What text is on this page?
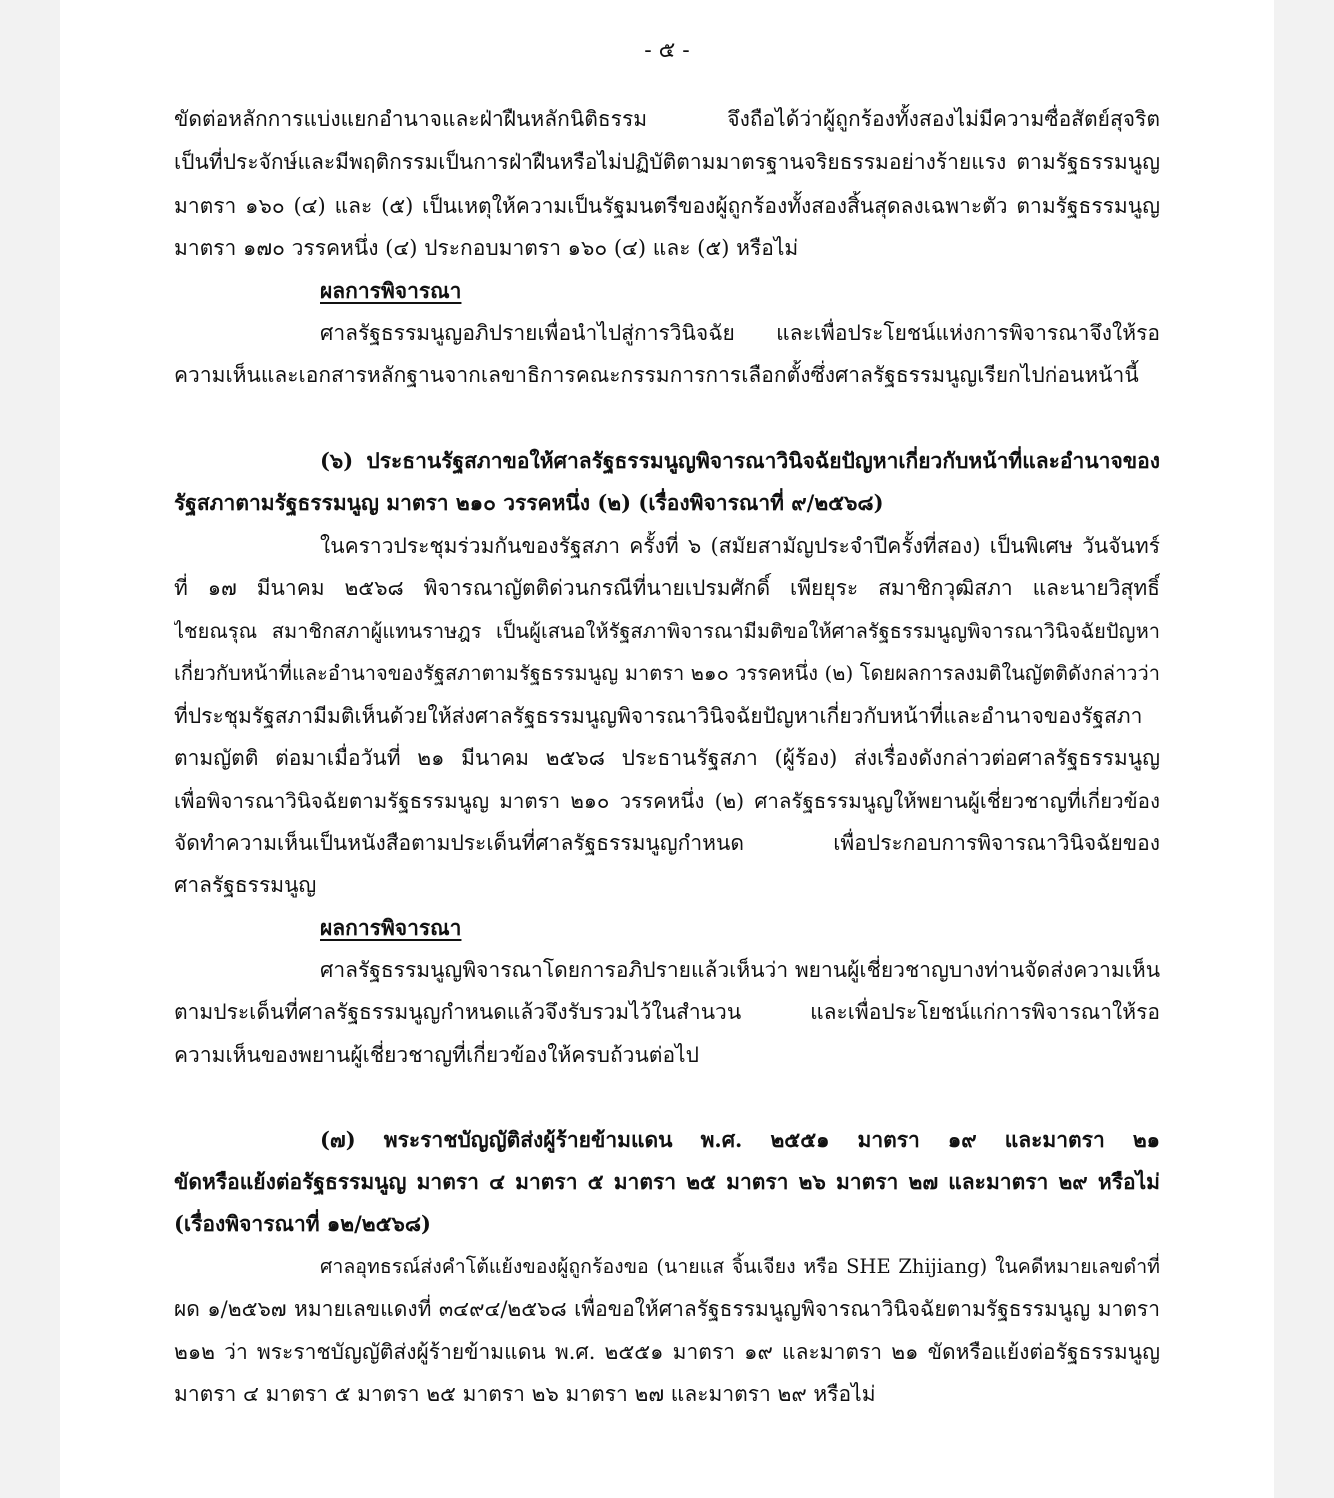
- ๕ -
ขัดต่อหลักการแบ่งแยกอำนาจและฝ่าฝืนหลักนิติธรรม จึงถือได้ว่าผู้ถูกร้องทั้งสองไม่มีความซื่อสัตย์สุจริต
เป็นที่ประจักษ์และมีพฤติกรรมเป็นการฝ่าฝืนหรือไม่ปฏิบัติตามมาตรฐานจริยธรรมอย่างร้ายแรง ตามรัฐธรรมนูญ
มาตรา ๑๖๐ (๔) และ (๕) เป็นเหตุให้ความเป็นรัฐมนตรีของผู้ถูกร้องทั้งสองสิ้นสุดลงเฉพาะตัว ตามรัฐธรรมนูญ
มาตรา ๑๗๐ วรรคหนึ่ง (๔) ประกอบมาตรา ๑๖๐ (๔) และ (๕) หรือไม่
ผลการพิจารณา
ศาลรัฐธรรมนูญอภิปรายเพื่อนำไปสู่การวินิจฉัย และเพื่อประโยชน์แห่งการพิจารณาจึงให้รอ
ความเห็นและเอกสารหลักฐานจากเลขาธิการคณะกรรมการการเลือกตั้งซึ่งศาลรัฐธรรมนูญเรียกไปก่อนหน้านี้
(๖) ประธานรัฐสภาขอให้ศาลรัฐธรรมนูญพิจารณาวินิจฉัยปัญหาเกี่ยวกับหน้าที่และอำนาจของ
รัฐสภาตามรัฐธรรมนูญ มาตรา ๒๑๐ วรรคหนึ่ง (๒) (เรื่องพิจารณาที่ ๙/๒๕๖๘)
ในคราวประชุมร่วมกันของรัฐสภา ครั้งที่ ๖ (สมัยสามัญประจำปีครั้งที่สอง) เป็นพิเศษ วันจันทร์
ที่ ๑๗ มีนาคม ๒๕๖๘ พิจารณาญัตติด่วนกรณีที่นายเปรมศักดิ์ เพียยุระ สมาชิกวุฒิสภา และนายวิสุทธิ์
ไชยณรุณ สมาชิกสภาผู้แทนราษฎร เป็นผู้เสนอให้รัฐสภาพิจารณามีมติขอให้ศาลรัฐธรรมนูญพิจารณาวินิจฉัยปัญหา
เกี่ยวกับหน้าที่และอำนาจของรัฐสภาตามรัฐธรรมนูญ มาตรา ๒๑๐ วรรคหนึ่ง (๒) โดยผลการลงมติในญัตติดังกล่าวว่า
ที่ประชุมรัฐสภามีมติเห็นด้วยให้ส่งศาลรัฐธรรมนูญพิจารณาวินิจฉัยปัญหาเกี่ยวกับหน้าที่และอำนาจของรัฐสภา
ตามญัตติ ต่อมาเมื่อวันที่ ๒๑ มีนาคม ๒๕๖๘ ประธานรัฐสภา (ผู้ร้อง) ส่งเรื่องดังกล่าวต่อศาลรัฐธรรมนูญ
เพื่อพิจารณาวินิจฉัยตามรัฐธรรมนูญ มาตรา ๒๑๐ วรรคหนึ่ง (๒) ศาลรัฐธรรมนูญให้พยานผู้เชี่ยวชาญที่เกี่ยวข้อง
จัดทำความเห็นเป็นหนังสือตามประเด็นที่ศาลรัฐธรรมนูญกำหนด เพื่อประกอบการพิจารณาวินิจฉัยของ
ศาลรัฐธรรมนูญ
ผลการพิจารณา
ศาลรัฐธรรมนูญพิจารณาโดยการอภิปรายแล้วเห็นว่า พยานผู้เชี่ยวชาญบางท่านจัดส่งความเห็น
ตามประเด็นที่ศาลรัฐธรรมนูญกำหนดแล้วจึงรับรวมไว้ในสำนวน และเพื่อประโยชน์แก่การพิจารณาให้รอ
ความเห็นของพยานผู้เชี่ยวชาญที่เกี่ยวข้องให้ครบถ้วนต่อไป
(๗) พระราชบัญญัติส่งผู้ร้ายข้ามแดน พ.ศ. ๒๕๕๑ มาตรา ๑๙ และมาตรา ๒๑
ขัดหรือแย้งต่อรัฐธรรมนูญ มาตรา ๔ มาตรา ๕ มาตรา ๒๕ มาตรา ๒๖ มาตรา ๒๗ และมาตรา ๒๙ หรือไม่
(เรื่องพิจารณาที่ ๑๒/๒๕๖๘)
ศาลอุทธรณ์ส่งคำโต้แย้งของผู้ถูกร้องขอ (นายแส จิ้นเจียง หรือ SHE Zhijiang) ในคดีหมายเลขดำที่
ผด ๑/๒๕๖๗ หมายเลขแดงที่ ๓๔๙๔/๒๕๖๘ เพื่อขอให้ศาลรัฐธรรมนูญพิจารณาวินิจฉัยตามรัฐธรรมนูญ มาตรา
๒๑๒ ว่า พระราชบัญญัติส่งผู้ร้ายข้ามแดน พ.ศ. ๒๕๕๑ มาตรา ๑๙ และมาตรา ๒๑ ขัดหรือแย้งต่อรัฐธรรมนูญ
มาตรา ๔ มาตรา ๕ มาตรา ๒๕ มาตรา ๒๖ มาตรา ๒๗ และมาตรา ๒๙ หรือไม่
